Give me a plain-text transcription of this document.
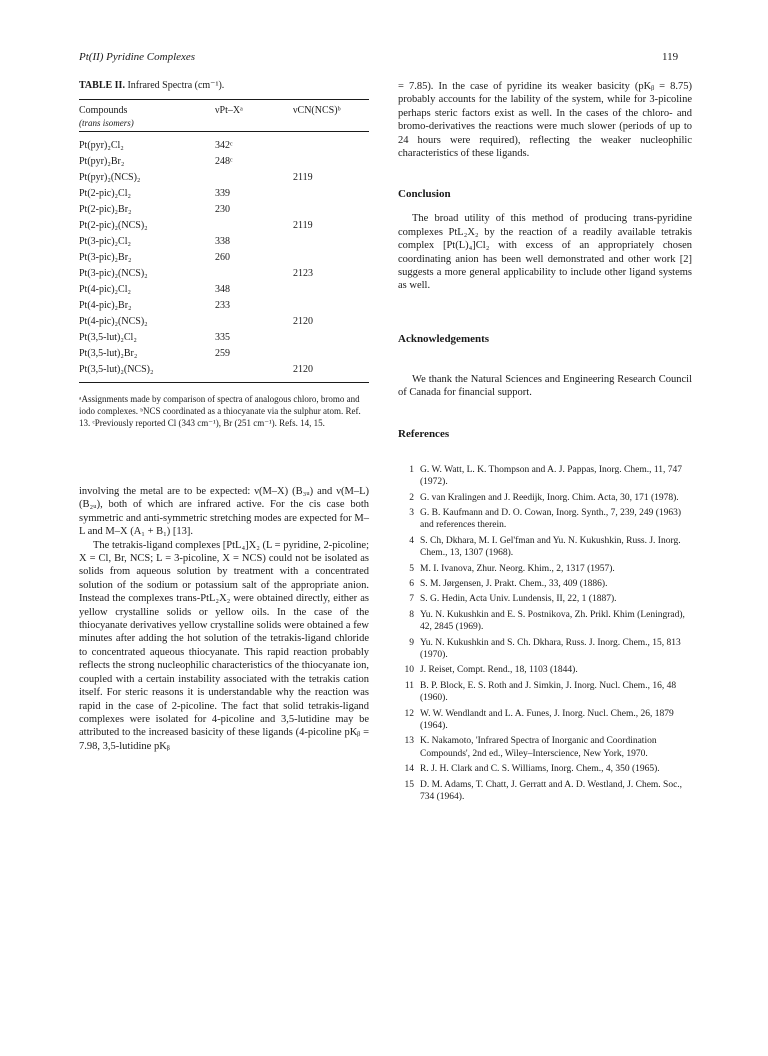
Pt(II) Pyridine Complexes	119
TABLE II. Infrared Spectra (cm⁻¹).
Compounds	νPt–Xᵃ	νCN(NCS)ᵇ
(trans isomers)		
Pt(pyr)₂Cl₂	342ᶜ	
Pt(pyr)₂Br₂	248ᶜ	
Pt(pyr)₂(NCS)₂		2119
Pt(2-pic)₂Cl₂	339	
Pt(2-pic)₂Br₂	230	
Pt(2-pic)₂(NCS)₂		2119
Pt(3-pic)₂Cl₂	338	
Pt(3-pic)₂Br₂	260	
Pt(3-pic)₂(NCS)₂		2123
Pt(4-pic)₂Cl₂	348	
Pt(4-pic)₂Br₂	233	
Pt(4-pic)₂(NCS)₂		2120
Pt(3,5-lut)₂Cl₂	335	
Pt(3,5-lut)₂Br₂	259	
Pt(3,5-lut)₂(NCS)₂		2120

ᵃAssignments made by comparison of spectra of analogous chloro, bromo and iodo complexes. ᵇNCS coordinated as a thiocyanate via the sulphur atom. Ref. 13. ᶜPreviously reported Cl (343 cm⁻¹), Br (251 cm⁻¹). Refs. 14, 15.

involving the metal are to be expected: ν(M–X) (B₃ᵤ) and ν(M–L) (B₂ᵤ), both of which are infrared active. For the cis case both symmetric and anti-symmetric stretching modes are expected for M–L and M–X (A₁ + B₁) [13].

The tetrakis-ligand complexes [PtL₄]X₂ (L = pyridine, 2-picoline; X = Cl, Br, NCS; L = 3-picoline, X = NCS) could not be isolated as solids from aqueous solution by treatment with a concentrated solution of the sodium or potassium salt of the appropriate anion. Instead the complexes trans-PtL₂X₂ were obtained directly, either as yellow crystalline solids or yellow oils. In the case of the thiocyanate derivatives yellow crystalline solids were obtained a few minutes after adding the hot solution of the tetrakis-ligand chloride to concentrated aqueous thiocyanate. This rapid reaction probably reflects the strong nucleophilic characteristics of the thiocyanate ion, coupled with a certain instability associated with the tetrakis cation itself. For steric reasons it is understandable why the reaction was rapid in the case of 2-picoline. The fact that solid tetrakis-ligand complexes were isolated for 4-picoline and 3,5-lutidine may be attributed to the increased basicity of these ligands (4-picoline pKᵦ = 7.98, 3,5-lutidine pKᵦ

= 7.85). In the case of pyridine its weaker basicity (pKᵦ = 8.75) probably accounts for the lability of the system, while for 3-picoline perhaps steric factors exist as well. In the cases of the chloro- and bromo-derivatives the reactions were much slower (periods of up to 24 hours were required), reflecting the weaker nucleophilic characteristics of these ligands.

Conclusion

The broad utility of this method of producing trans-pyridine complexes PtL₂X₂ by the reaction of a readily available tetrakis complex [Pt(L)₄]Cl₂ with excess of an appropriately chosen coordinating anion has been well demonstrated and other work [2] suggests a more general applicability to include other ligand systems as well.

Acknowledgements

We thank the Natural Sciences and Engineering Research Council of Canada for financial support.

References
1 G. W. Watt, L. K. Thompson and A. J. Pappas, Inorg. Chem., 11, 747 (1972).
2 G. van Kralingen and J. Reedijk, Inorg. Chim. Acta, 30, 171 (1978).
3 G. B. Kaufmann and D. O. Cowan, Inorg. Synth., 7, 239, 249 (1963) and references therein.
4 S. Ch, Dkhara, M. I. Gel'fman and Yu. N. Kukushkin, Russ. J. Inorg. Chem., 13, 1307 (1968).
5 M. I. Ivanova, Zhur. Neorg. Khim., 2, 1317 (1957).
6 S. M. Jørgensen, J. Prakt. Chem., 33, 409 (1886).
7 S. G. Hedin, Acta Univ. Lundensis, II, 22, 1 (1887).
8 Yu. N. Kukushkin and E. S. Postnikova, Zh. Prikl. Khim (Leningrad), 42, 2845 (1969).
9 Yu. N. Kukushkin and S. Ch. Dkhara, Russ. J. Inorg. Chem., 15, 813 (1970).
10 J. Reiset, Compt. Rend., 18, 1103 (1844).
11 B. P. Block, E. S. Roth and J. Simkin, J. Inorg. Nucl. Chem., 16, 48 (1960).
12 W. W. Wendlandt and L. A. Funes, J. Inorg. Nucl. Chem., 26, 1879 (1964).
13 K. Nakamoto, 'Infrared Spectra of Inorganic and Coordination Compounds', 2nd ed., Wiley–Interscience, New York, 1970.
14 R. J. H. Clark and C. S. Williams, Inorg. Chem., 4, 350 (1965).
15 D. M. Adams, T. Chatt, J. Gerratt and A. D. Westland, J. Chem. Soc., 734 (1964).
